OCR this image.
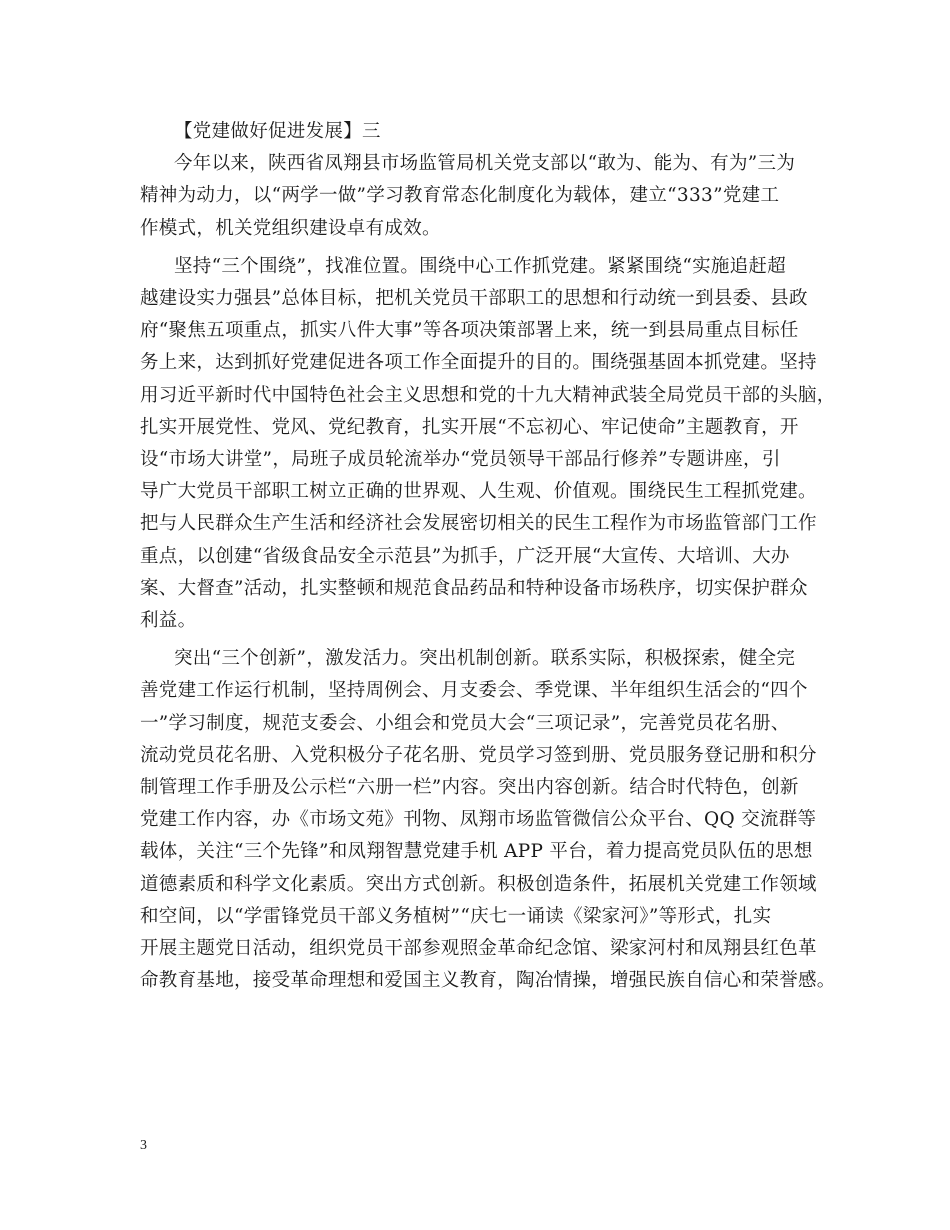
【党建做好促进发展】三
今年以来，陕西省凤翔县市场监管局机关党支部以“敢为、能为、有为”三为
精神为动力，以“两学一做”学习教育常态化制度化为载体，建立“333”党建工
作模式，机关党组织建设卓有成效。
坚持“三个围绕”，找准位置。围绕中心工作抓党建。紧紧围绕“实施追赶超
越建设实力强县”总体目标，把机关党员干部职工的思想和行动统一到县委、县政
府“聚焦五项重点，抓实八件大事”等各项决策部署上来，统一到县局重点目标任
务上来，达到抓好党建促进各项工作全面提升的目的。围绕强基固本抓党建。坚持
用习近平新时代中国特色社会主义思想和党的十九大精神武装全局党员干部的头脑，
扎实开展党性、党风、党纪教育，扎实开展“不忘初心、牢记使命”主题教育，开
设“市场大讲堂”，局班子成员轮流举办“党员领导干部品行修养”专题讲座，引
导广大党员干部职工树立正确的世界观、人生观、价值观。围绕民生工程抓党建。
把与人民群众生产生活和经济社会发展密切相关的民生工程作为市场监管部门工作
重点，以创建“省级食品安全示范县”为抓手，广泛开展“大宣传、大培训、大办
案、大督查”活动，扎实整顿和规范食品药品和特种设备市场秩序，切实保护群众
利益。
突出“三个创新”，激发活力。突出机制创新。联系实际，积极探索，健全完
善党建工作运行机制，坚持周例会、月支委会、季党课、半年组织生活会的“四个
一”学习制度，规范支委会、小组会和党员大会“三项记录”，完善党员花名册、
流动党员花名册、入党积极分子花名册、党员学习签到册、党员服务登记册和积分
制管理工作手册及公示栏“六册一栏”内容。突出内容创新。结合时代特色，创新
党建工作内容，办《市场文苑》刊物、凤翔市场监管微信公众平台、QQ 交流群等
载体，关注“三个先锋”和凤翔智慧党建手机 APP 平台，着力提高党员队伍的思想
道德素质和科学文化素质。突出方式创新。积极创造条件，拓展机关党建工作领域
和空间，以“学雷锋党员干部义务植树”“庆七一诵读《梁家河》”等形式，扎实
开展主题党日活动，组织党员干部参观照金革命纪念馆、梁家河村和凤翔县红色革
命教育基地，接受革命理想和爱国主义教育，陶冶情操，增强民族自信心和荣誉感。
3
